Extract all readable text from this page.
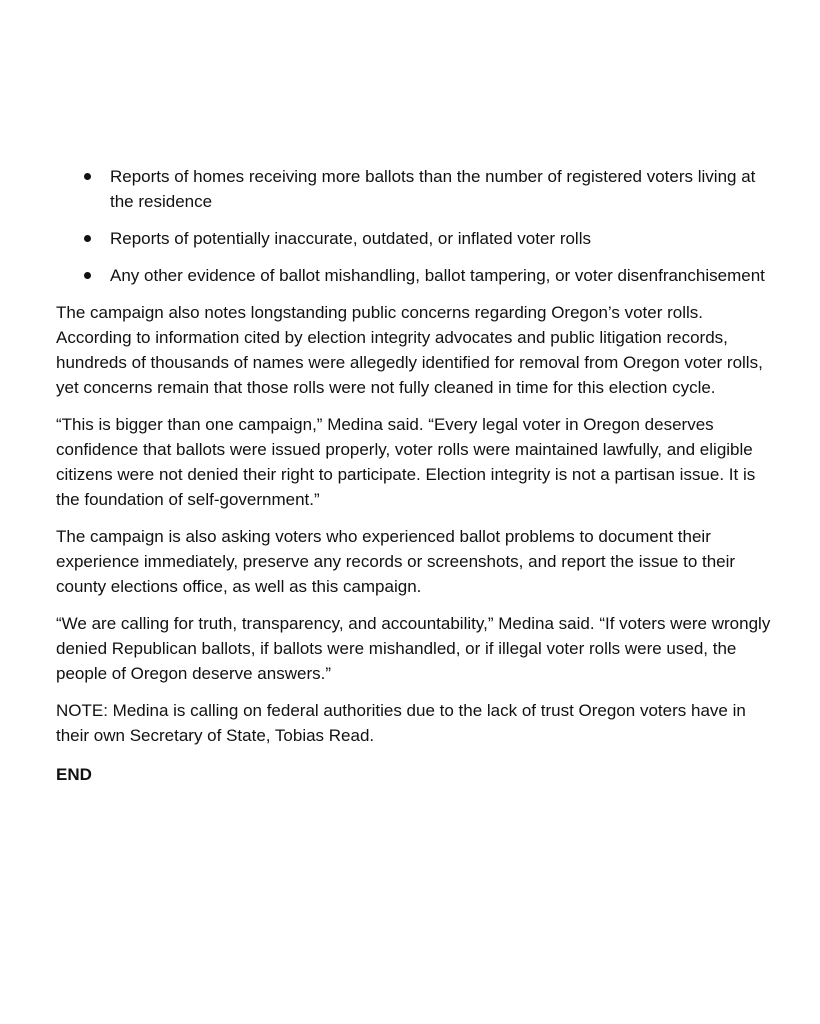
Reports of homes receiving more ballots than the number of registered voters living at the residence
Reports of potentially inaccurate, outdated, or inflated voter rolls
Any other evidence of ballot mishandling, ballot tampering, or voter disenfranchisement

The campaign also notes longstanding public concerns regarding Oregon’s voter rolls. According to information cited by election integrity advocates and public litigation records, hundreds of thousands of names were allegedly identified for removal from Oregon voter rolls, yet concerns remain that those rolls were not fully cleaned in time for this election cycle.

“This is bigger than one campaign,” Medina said. “Every legal voter in Oregon deserves confidence that ballots were issued properly, voter rolls were maintained lawfully, and eligible citizens were not denied their right to participate. Election integrity is not a partisan issue. It is the foundation of self-government.”

The campaign is also asking voters who experienced ballot problems to document their experience immediately, preserve any records or screenshots, and report the issue to their county elections office, as well as this campaign.

“We are calling for truth, transparency, and accountability,” Medina said. “If voters were wrongly denied Republican ballots, if ballots were mishandled, or if illegal voter rolls were used, the people of Oregon deserve answers.”

NOTE: Medina is calling on federal authorities due to the lack of trust Oregon voters have in their own Secretary of State, Tobias Read.

END
